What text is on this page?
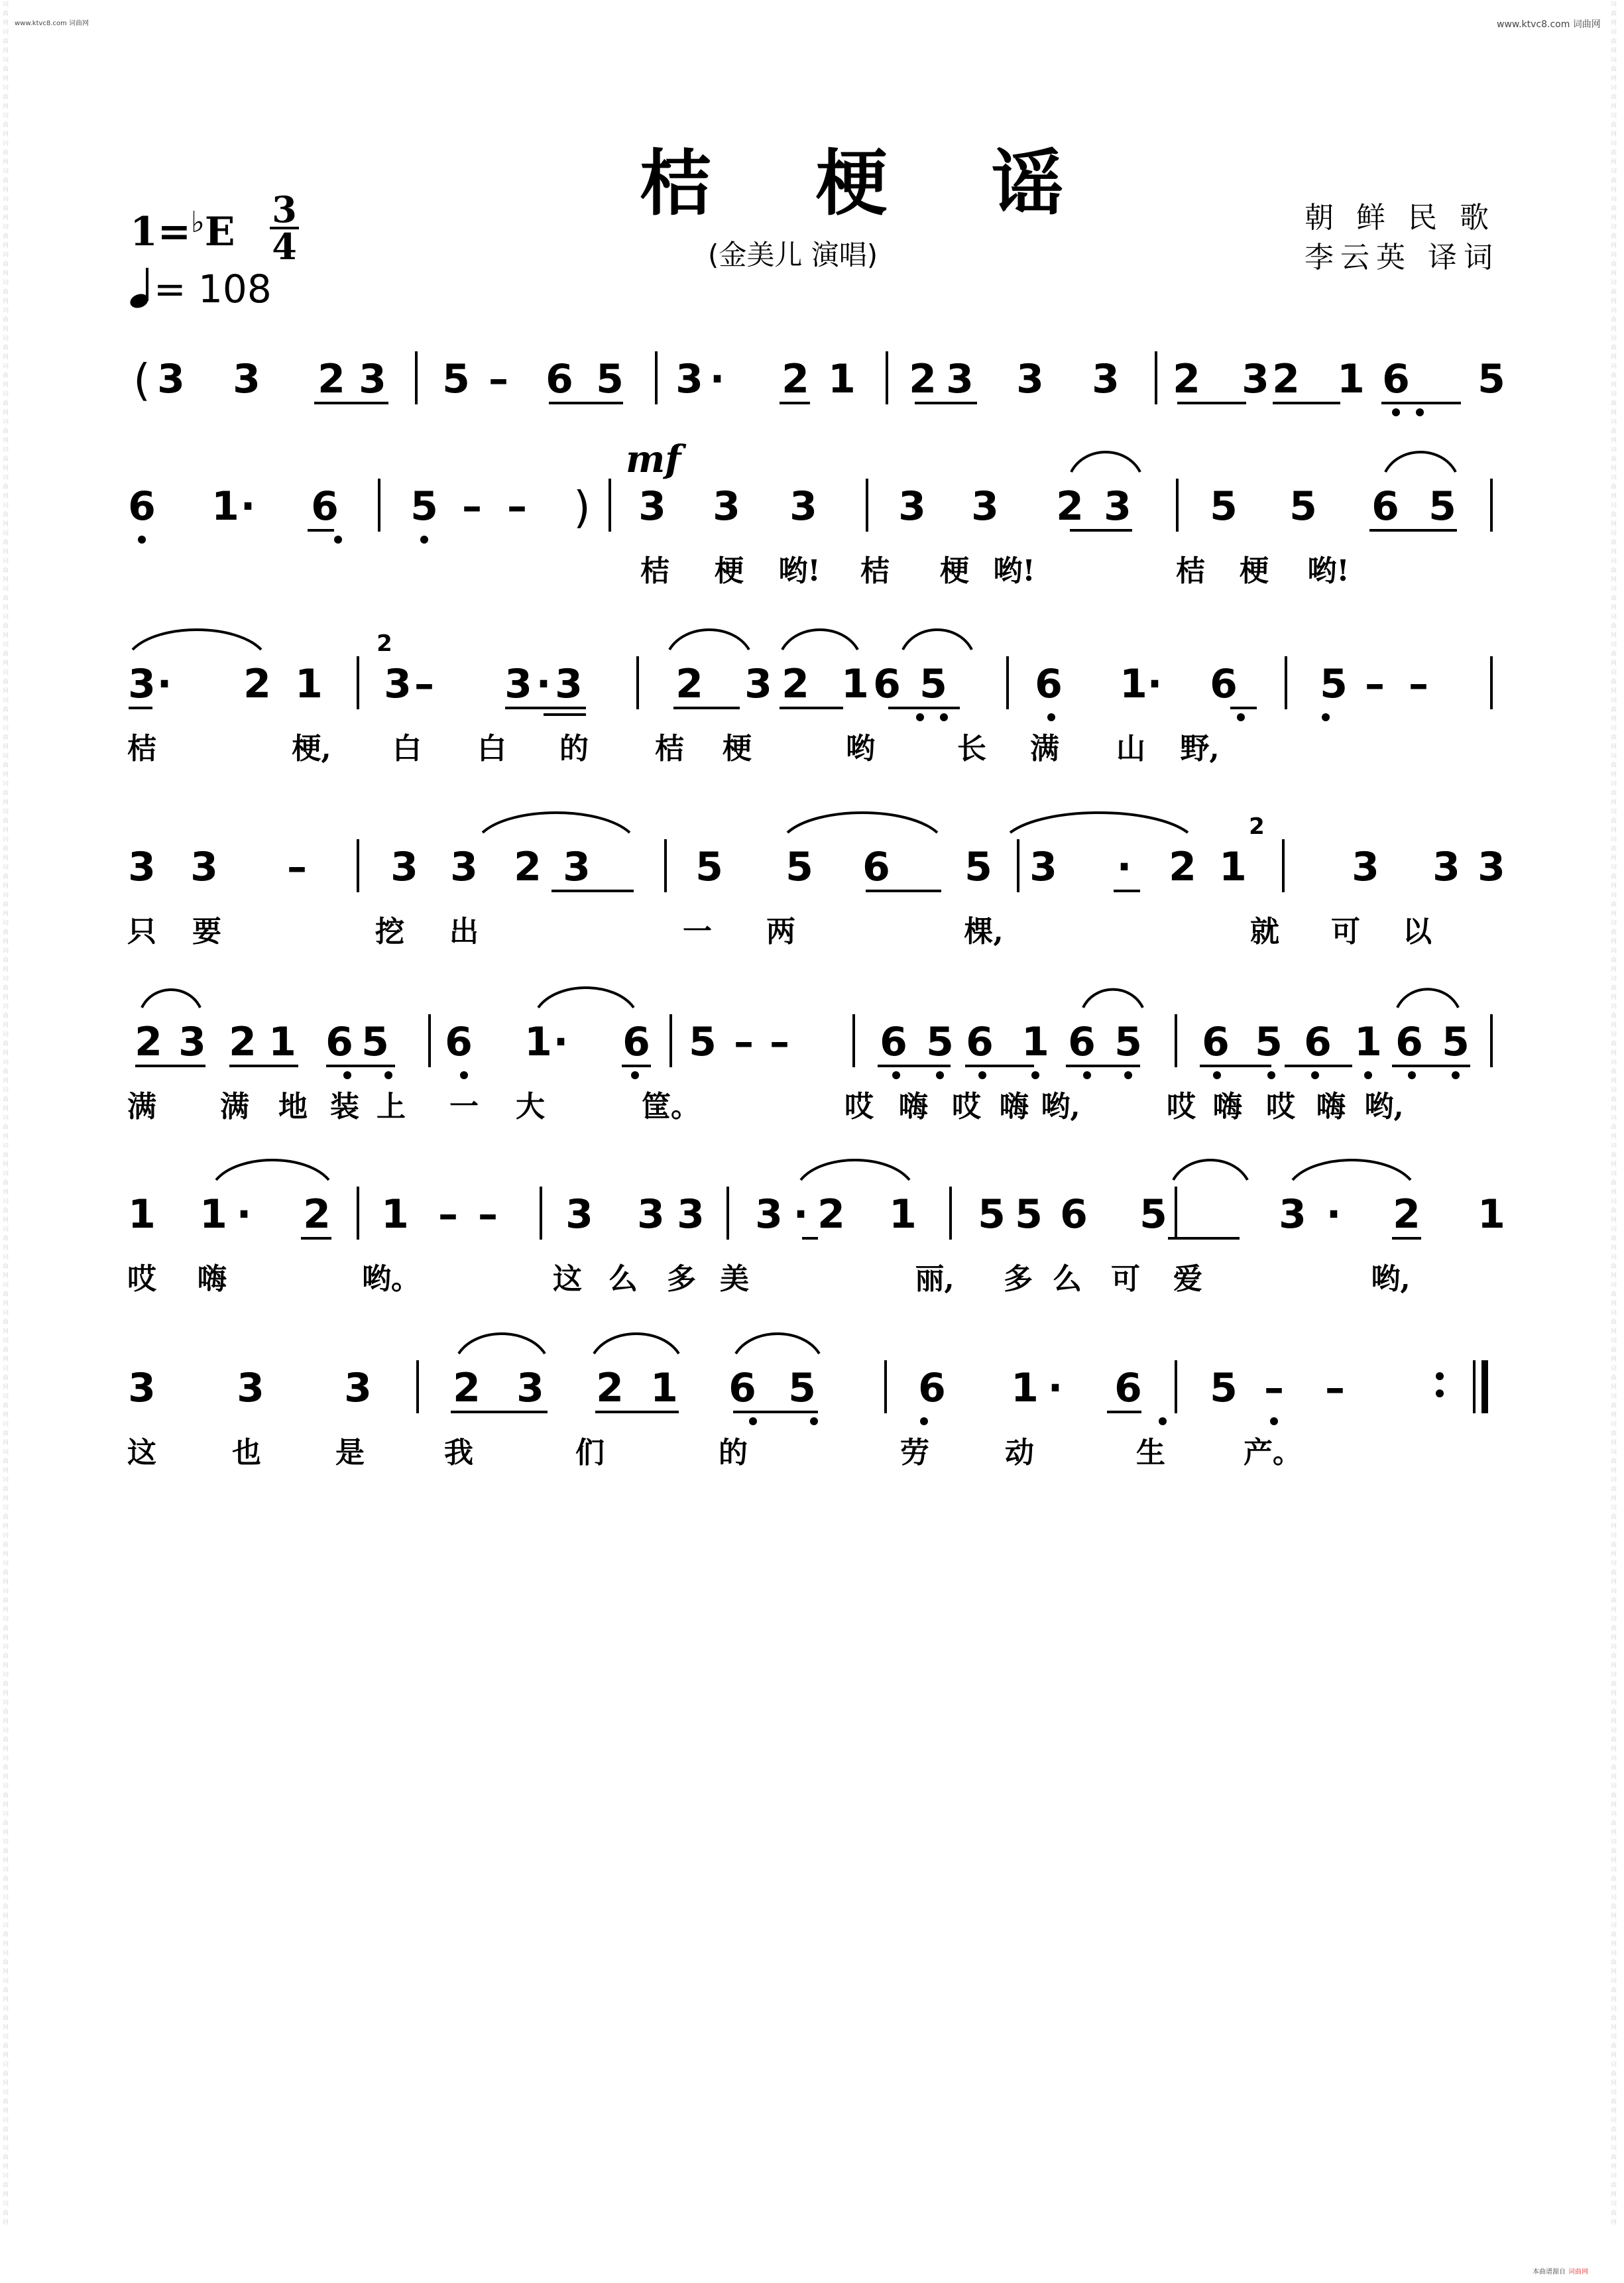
词曲网 词曲网 词曲网 词曲网 词曲网 词曲网 词曲网 词曲网 词曲网 词曲网 词曲网 词曲网 词曲网 词曲网 词曲网 词曲网 词曲网 词曲网 词曲网 词曲网 词曲网 词曲网 词曲网 词曲网 词曲网 词曲网 词曲网 词曲网 词曲网 词曲网 词曲网 词曲网 词曲网 词曲网 词曲网 词曲网 词曲网 词曲网 词曲网 词曲网 词曲网 词曲网 词曲网 词曲网 词曲网 词曲网 词曲网 词曲网 词曲网 词曲网 词曲网 词曲网 词曲网 词曲网 词曲网 词曲网 词曲网 词曲网 词曲网 词曲网 词曲网 词曲网 词曲网 词曲网 词曲网 词曲网 词曲网 词曲网 词曲网 词曲网 词曲网 词曲网 词曲网 词曲网 词曲网 词曲网 词曲网 词曲网 词曲网 词曲网
词曲网 词曲网 词曲网 词曲网 词曲网 词曲网 词曲网 词曲网 词曲网 词曲网 词曲网 词曲网 词曲网 词曲网 词曲网 词曲网 词曲网 词曲网 词曲网 词曲网 词曲网 词曲网 词曲网 词曲网 词曲网 词曲网 词曲网 词曲网 词曲网 词曲网 词曲网 词曲网 词曲网 词曲网 词曲网 词曲网 词曲网 词曲网 词曲网 词曲网 词曲网 词曲网 词曲网 词曲网 词曲网 词曲网 词曲网 词曲网 词曲网 词曲网 词曲网 词曲网 词曲网 词曲网 词曲网 词曲网 词曲网 词曲网 词曲网 词曲网 词曲网 词曲网 词曲网 词曲网 词曲网 词曲网 词曲网 词曲网 词曲网 词曲网 词曲网 词曲网 词曲网 词曲网 词曲网 词曲网 词曲网 词曲网 词曲网 词曲网
www.ktvc8.com 词曲网	www.ktvc8.com 词曲网
桔 梗 谣
(金美儿 演唱)
朝 鲜 民 歌
李云英 译词
1=♭E 3
4
= 108
mf
( 3 3 2 3 5 – 6 5 3 · 2 1 2 3 3 3 2 3 2 1 6 5
6 1 · 6 5 – – ) 3 3 3 3 3 2 3 5 5 6 5
桔 梗 哟! 桔 梗 哟!	桔 梗 哟!
3 · 2 1 3 – 3 · 3 2 3 2 1 6 5 6 1 · 6 5 – –
桔	梗, 白 白 的 桔 梗	哟	长 满 山 野,
3 3 – 3 3 2 3	5 5 6 5 3 · 2 1	3 3 3
只 要	挖 出	一 两	棵,	就 可 以
2 3 2 1 6 5 6 1 · 6 5 – – 6 5 6 1 6 5 6 5 6 1 6 5
满 满 地 装 上 一 大	筐。	哎 嗨 哎 嗨 哟,	哎 嗨 哎 嗨 哟,
1 1 · 2 1 – – 3 3 3 3 · 2 1 5 5 6 5	3 · 2 1
哎 嗨	哟。	这 么 多 美	丽, 多 么 可 爱	哟,
3 3 3 2 3 2 1 6 5	6 1 · 6 5 – –
这	也	是	我	们	的	劳	动	生	产。
2
2
本曲谱源自 词曲网
